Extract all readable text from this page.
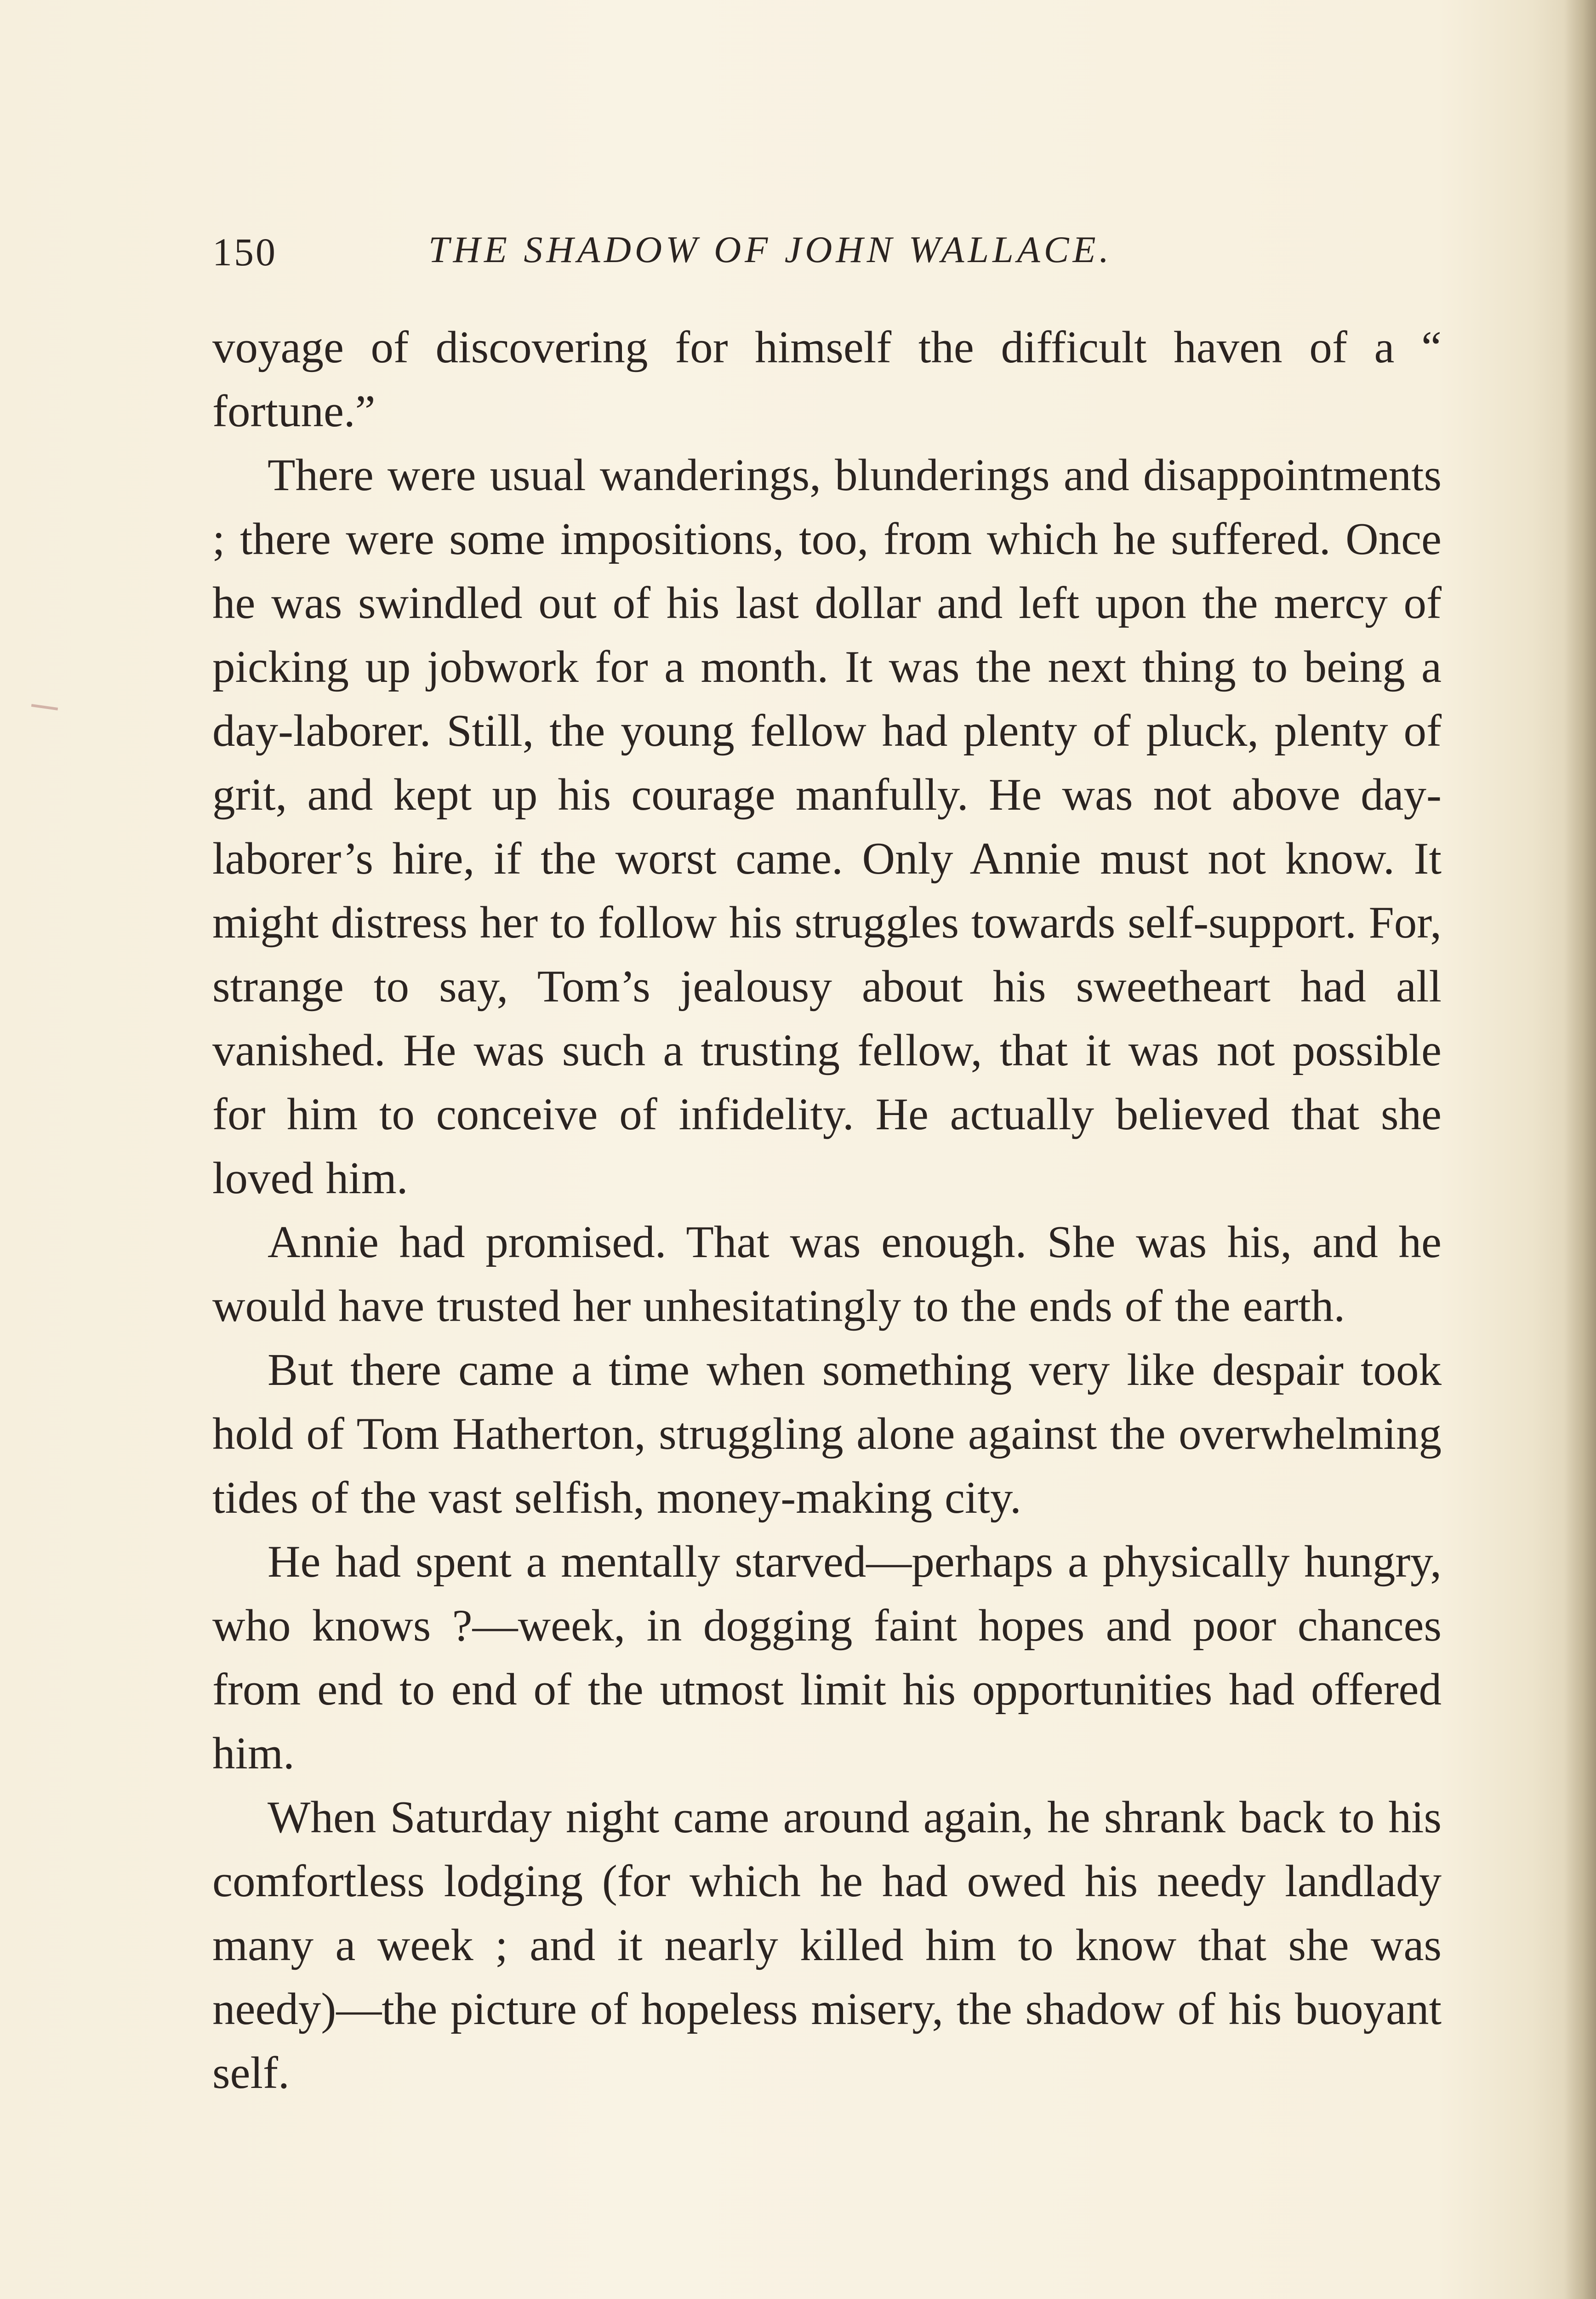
150	THE SHADOW OF JOHN WALLACE.

voyage of discovering for himself the difficult haven of a “ fortune.”

There were usual wanderings, blunderings and disappointments ; there were some impositions, too, from which he suffered. Once he was swindled out of his last dollar and left upon the mercy of picking up jobwork for a month. It was the next thing to being a day-laborer. Still, the young fellow had plenty of pluck, plenty of grit, and kept up his courage manfully. He was not above day-laborer’s hire, if the worst came. Only Annie must not know. It might distress her to follow his struggles towards self-support. For, strange to say, Tom’s jealousy about his sweetheart had all vanished. He was such a trusting fellow, that it was not possible for him to conceive of infidelity. He actually believed that she loved him.

Annie had promised. That was enough. She was his, and he would have trusted her unhesitatingly to the ends of the earth.

But there came a time when something very like despair took hold of Tom Hatherton, struggling alone against the overwhelming tides of the vast selfish, money-making city.

He had spent a mentally starved—perhaps a physically hungry, who knows ?—week, in dogging faint hopes and poor chances from end to end of the utmost limit his opportunities had offered him.

When Saturday night came around again, he shrank back to his comfortless lodging (for which he had owed his needy landlady many a week ; and it nearly killed him to know that she was needy)—the picture of hopeless misery, the shadow of his buoyant self.
